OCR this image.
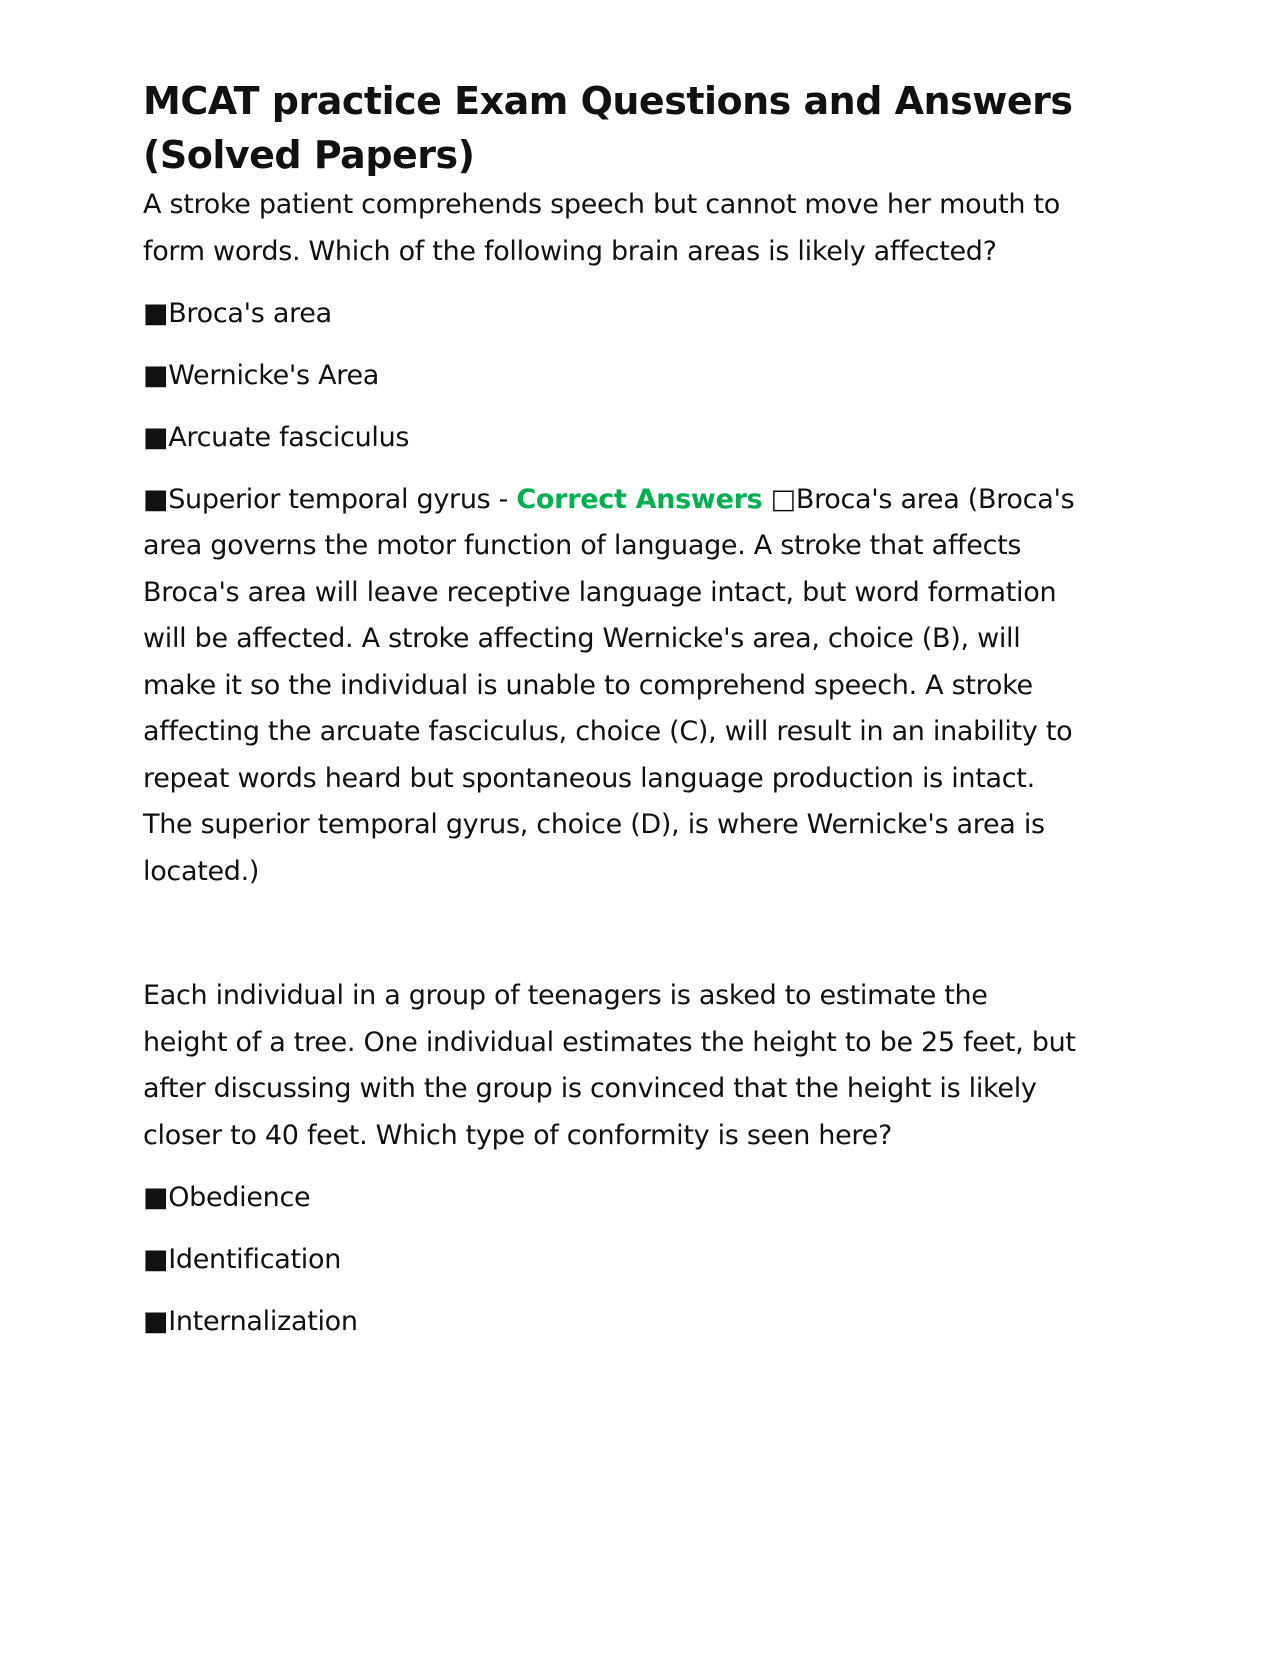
MCAT practice Exam Questions and Answers (Solved Papers)

A stroke patient comprehends speech but cannot move her mouth to form words. Which of the following brain areas is likely affected?

■Broca's area

■Wernicke's Area

■Arcuate fasciculus

■Superior temporal gyrus - Correct Answers □Broca's area (Broca's area governs the motor function of language. A stroke that affects Broca's area will leave receptive language intact, but word formation will be affected. A stroke affecting Wernicke's area, choice (B), will make it so the individual is unable to comprehend speech. A stroke affecting the arcuate fasciculus, choice (C), will result in an inability to repeat words heard but spontaneous language production is intact. The superior temporal gyrus, choice (D), is where Wernicke's area is located.)

Each individual in a group of teenagers is asked to estimate the height of a tree. One individual estimates the height to be 25 feet, but after discussing with the group is convinced that the height is likely closer to 40 feet. Which type of conformity is seen here?

■Obedience

■Identification

■Internalization
